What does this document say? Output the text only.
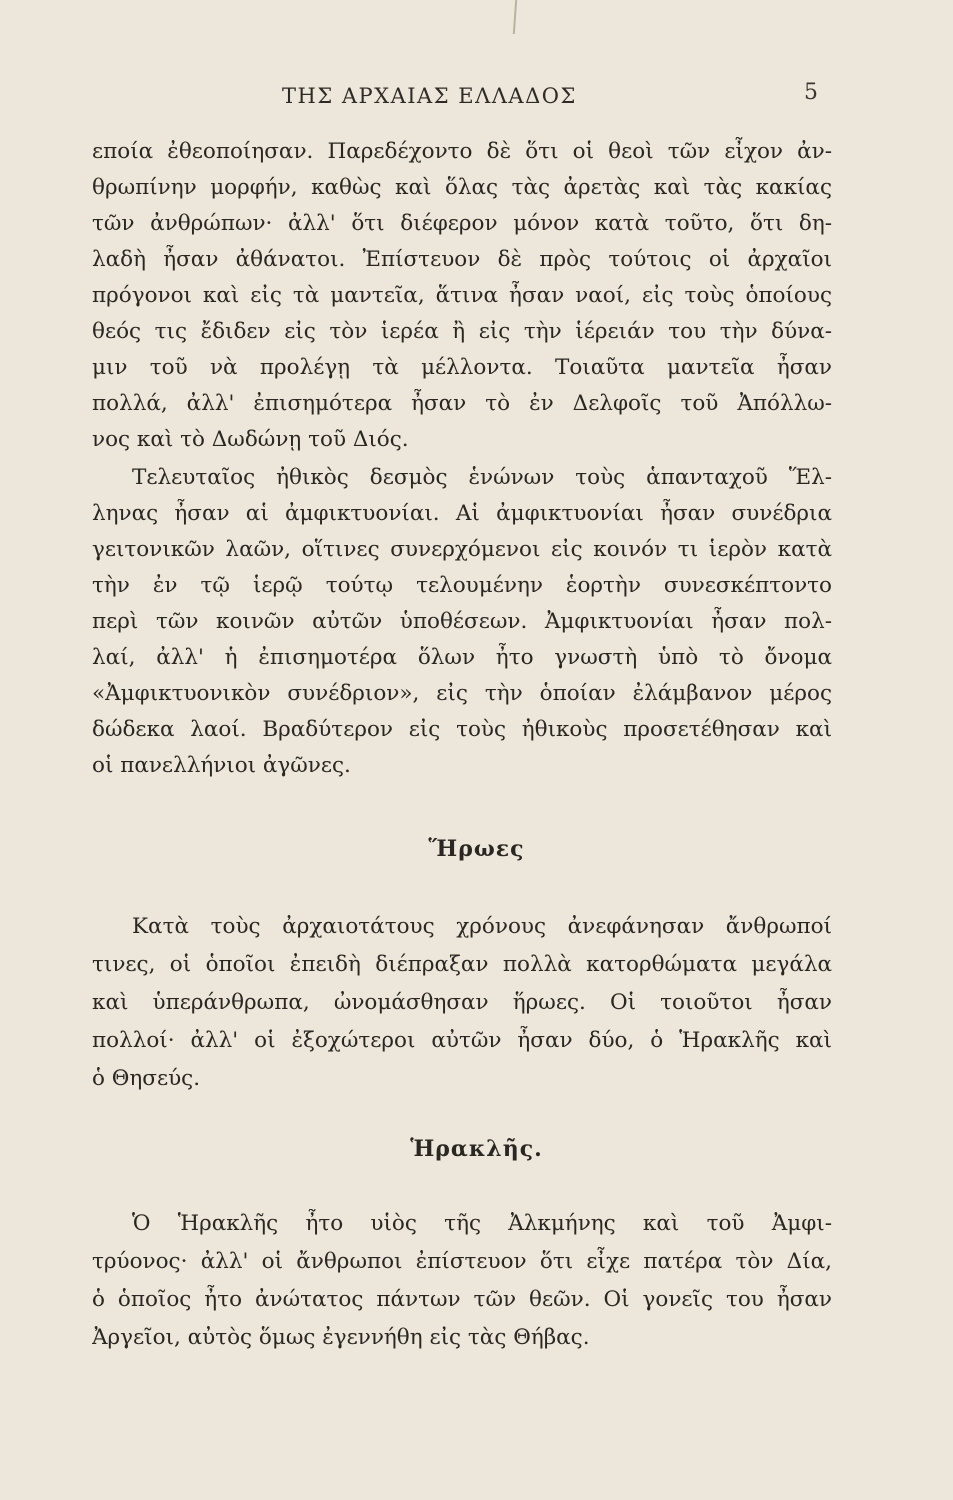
ΤΗΣ ΑΡΧΑΙΑΣ ΕΛΛΑΔΟΣ	5
εποία ἐθεοποίησαν. Παρεδέχοντο δὲ ὅτι οἱ θεοὶ τῶν εἶχον ἀν-
θρωπίνην μορφήν, καθὼς καὶ ὅλας τὰς ἀρετὰς καὶ τὰς κακίας
τῶν ἀνθρώπων· ἀλλ' ὅτι διέφερον μόνον κατὰ τοῦτο, ὅτι δη-
λαδὴ ἦσαν ἀθάνατοι. Ἐπίστευον δὲ πρὸς τούτοις οἱ ἀρχαῖοι
πρόγονοι καὶ εἰς τὰ μαντεῖα, ἅτινα ἦσαν ναοί, εἰς τοὺς ὁποίους
θεός τις ἔδιδεν εἰς τὸν ἱερέα ἢ εἰς τὴν ἱέρειάν του τὴν δύνα-
μιν τοῦ νὰ προλέγῃ τὰ μέλλοντα. Τοιαῦτα μαντεῖα ἦσαν
πολλά, ἀλλ' ἐπισημότερα ἦσαν τὸ ἐν Δελφοῖς τοῦ Ἀπόλλω-
νος καὶ τὸ Δωδώνῃ τοῦ Διός.
Τελευταῖος ἠθικὸς δεσμὸς ἑνώνων τοὺς ἁπανταχοῦ Ἕλ-
ληνας ἦσαν αἱ ἀμφικτυονίαι. Αἱ ἀμφικτυονίαι ἦσαν συνέδρια
γειτονικῶν λαῶν, οἵτινες συνερχόμενοι εἰς κοινόν τι ἱερὸν κατὰ
τὴν ἐν τῷ ἱερῷ τούτῳ τελουμένην ἑορτὴν συνεσκέπτοντο
περὶ τῶν κοινῶν αὐτῶν ὑποθέσεων. Ἀμφικτυονίαι ἦσαν πολ-
λαί, ἀλλ' ἡ ἐπισημοτέρα ὅλων ἦτο γνωστὴ ὑπὸ τὸ ὄνομα
«Ἀμφικτυονικὸν συνέδριον», εἰς τὴν ὁποίαν ἐλάμβανον μέρος
δώδεκα λαοί. Βραδύτερον εἰς τοὺς ἠθικοὺς προσετέθησαν καὶ
οἱ πανελλήνιοι ἀγῶνες.
Ἥρωες
Κατὰ τοὺς ἀρχαιοτάτους χρόνους ἀνεφάνησαν ἄνθρωποί
τινες, οἱ ὁποῖοι ἐπειδὴ διέπραξαν πολλὰ κατορθώματα μεγάλα
καὶ ὑπεράνθρωπα, ὠνομάσθησαν ἥρωες. Οἱ τοιοῦτοι ἦσαν
πολλοί· ἀλλ' οἱ ἐξοχώτεροι αὐτῶν ἦσαν δύο, ὁ Ἡρακλῆς καὶ
ὁ Θησεύς.
Ἡρακλῆς.
Ὁ Ἡρακλῆς ἦτο υἱὸς τῆς Ἀλκμήνης καὶ τοῦ Ἀμφι-
τρύονος· ἀλλ' οἱ ἄνθρωποι ἐπίστευον ὅτι εἶχε πατέρα τὸν Δία,
ὁ ὁποῖος ἦτο ἀνώτατος πάντων τῶν θεῶν. Οἱ γονεῖς του ἦσαν
Ἀργεῖοι, αὐτὸς ὅμως ἐγεννήθη εἰς τὰς Θήβας.
